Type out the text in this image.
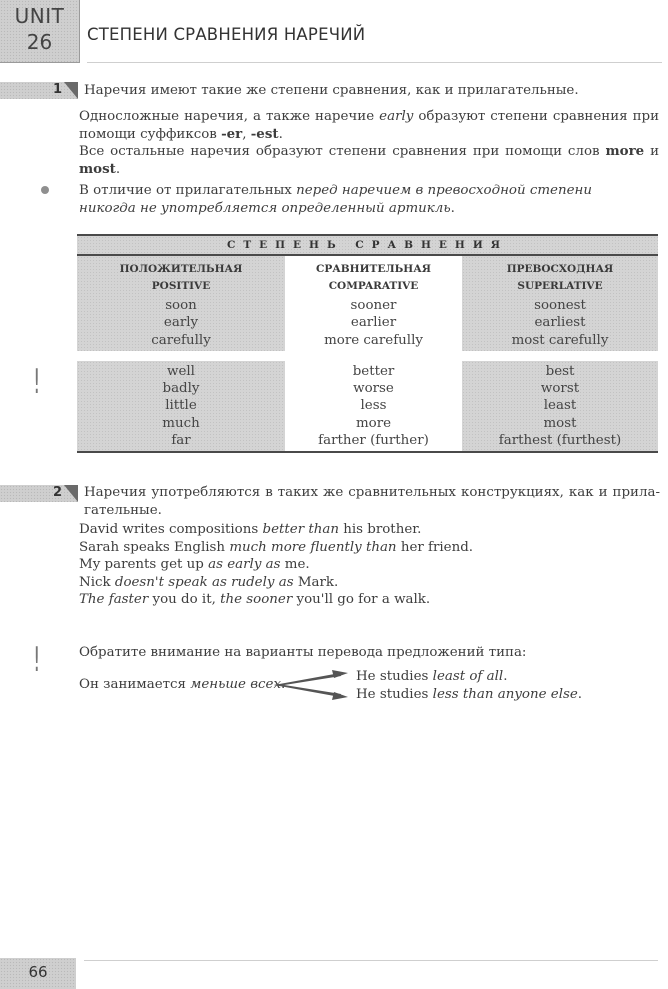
UNIT
26	СТЕПЕНИ СРАВНЕНИЯ НАРЕЧИЙ
1 Наречия имеют такие же степени сравнения, как и прилагательные.
Односложные наречия, а также наречие early образуют степени сравнения при помощи суффиксов -er, -est.
Все остальные наречия образуют степени сравнения при помощи слов more и most.
В отличие от прилагательных перед наречием в превосходной степени никогда не употребляется определенный артикль.
СТЕПЕНЬ СРАВНЕНИЯ
ПОЛОЖИТЕЛЬНАЯ
POSITIVE
soon
early
carefully
СРАВНИТЕЛЬНАЯ
COMPARATIVE
sooner
earlier
more carefully
ПРЕВОСХОДНАЯ
SUPERLATIVE
soonest
earliest
most carefully
well
badly
little
much
far
better
worse
less
more
farther (further)
best
worst
least
most
farthest (furthest)
!
2 Наречия употребляются в таких же сравнительных конструкциях, как и прила-гательные.
David writes compositions better than his brother.
Sarah speaks English much more fluently than her friend.
My parents get up as early as me.
Nick doesn't speak as rudely as Mark.
The faster you do it, the sooner you'll go for a walk.
!	Обратите внимание на варианты перевода предложений типа:
Он занимается меньше всех
He studies least of all.
He studies less than anyone else.
66
